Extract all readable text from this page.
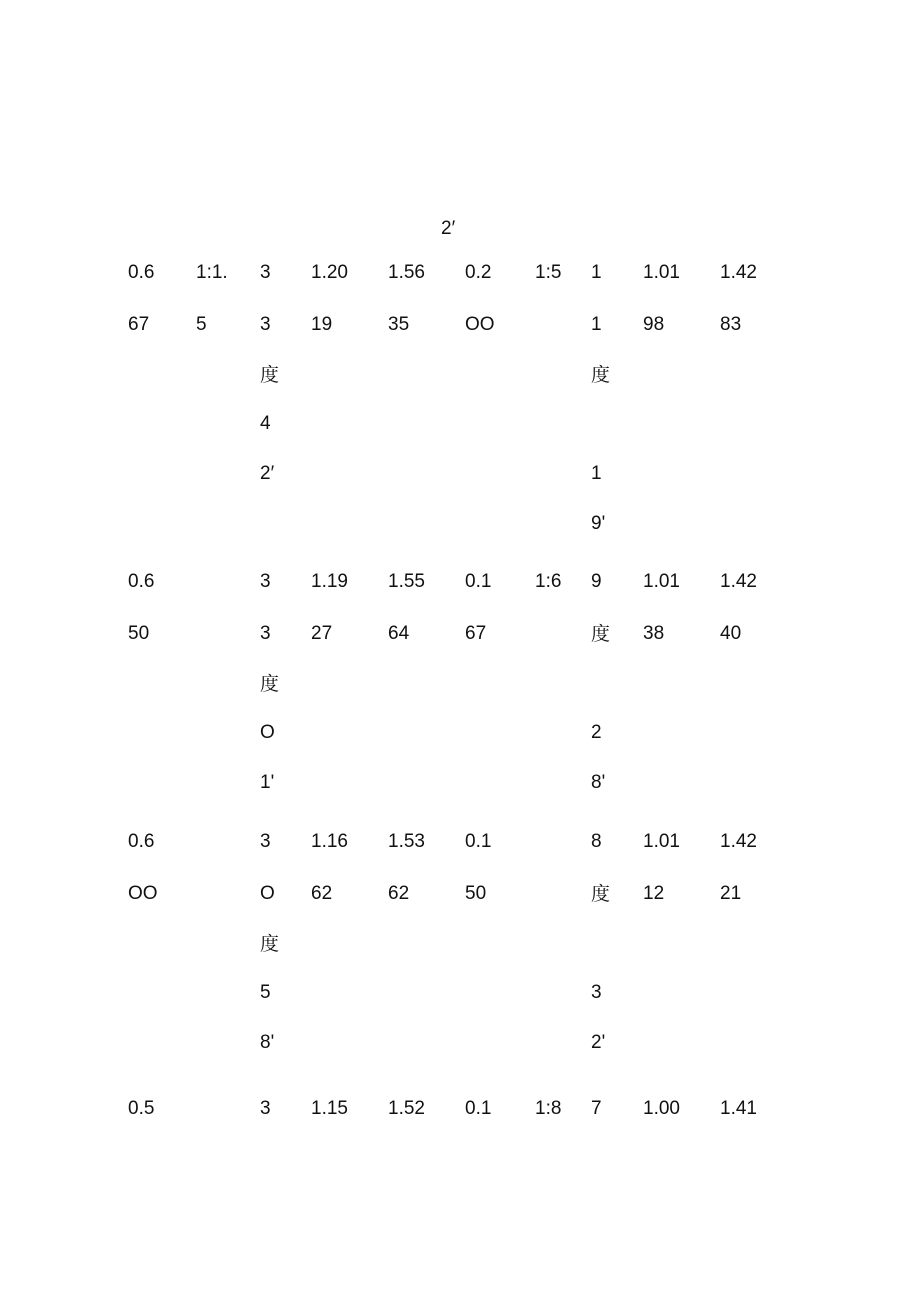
2′
0.6
67
1:1.
5
3
3
度
4
2′
1.20
19
1.56
35
0.2
OO
1:5 1
1
度
1
9'
1.01
98
1.42
83
0.6
50
3
3
度
O
1'
1.19
27
1.55
64
0.1
67
1:6 9
度
2
8'
1.01
38
1.42
40
0.6
OO
3
O
度
5
8'
1.16
62
1.53
62
0.1
50
8
度
3
2'
1.01
12
1.42
21
0.5	3 1.15 1.52 0.1 1:8 7 1.00 1.41
